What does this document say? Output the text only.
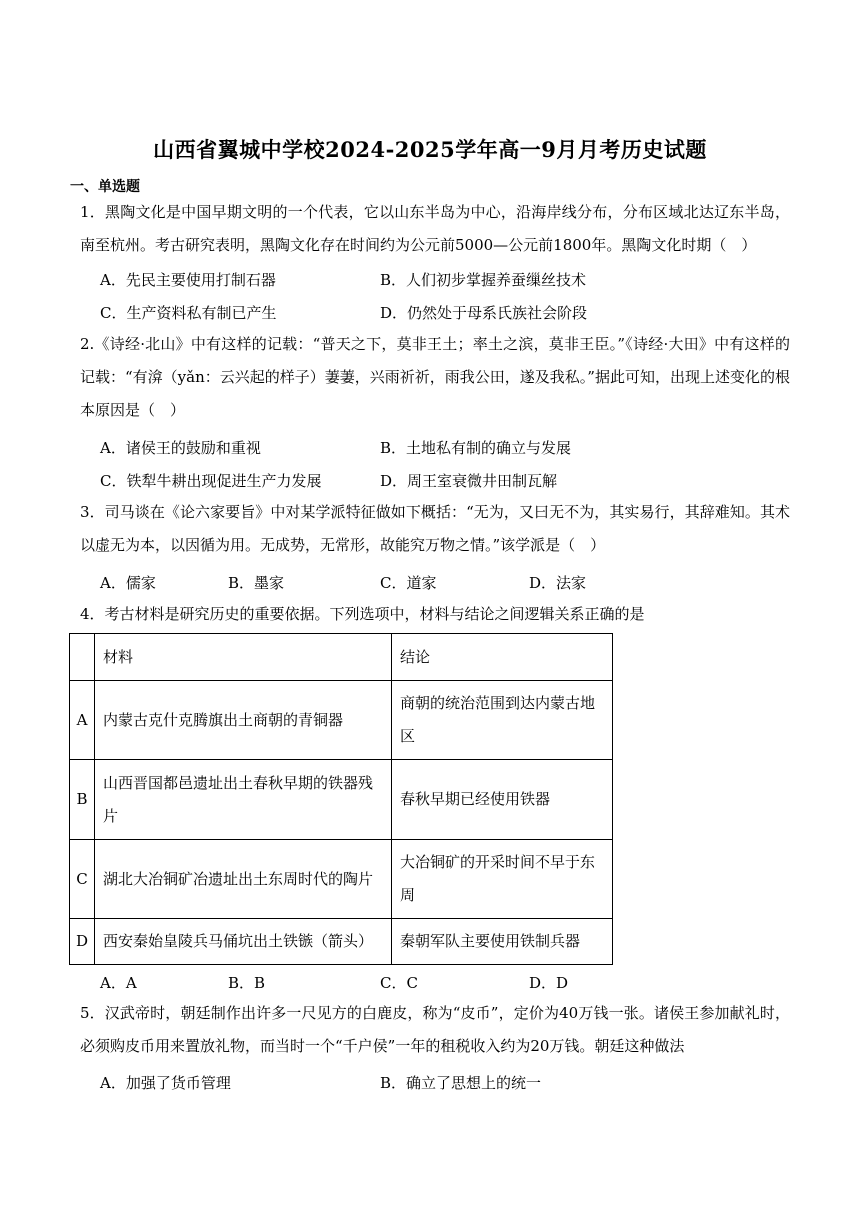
山西省翼城中学校2024-2025学年高一9月月考历史试题
一、单选题

1．黑陶文化是中国早期文明的一个代表，它以山东半岛为中心，沿海岸线分布，分布区域北达辽东半岛，南至杭州。考古研究表明，黑陶文化存在时间约为公元前5000—公元前1800年。黑陶文化时期（　）

A．先民主要使用打制石器	B．人们初步掌握养蚕缫丝技术
C．生产资料私有制已产生	D．仍然处于母系氏族社会阶段

2.《诗经·北山》中有这样的记载：“普天之下，莫非王土；率土之滨，莫非王臣。”《诗经·大田》中有这样的记载：“有渰（yǎn：云兴起的样子）萋萋，兴雨祈祈，雨我公田，遂及我私。”据此可知，出现上述变化的根本原因是（　）

A．诸侯王的鼓励和重视	B．土地私有制的确立与发展
C．铁犁牛耕出现促进生产力发展	D．周王室衰微井田制瓦解

3．司马谈在《论六家要旨》中对某学派特征做如下概括：“无为，又曰无不为，其实易行，其辞难知。其术以虚无为本，以因循为用。无成势，无常形，故能究万物之情。”该学派是（　）

A．儒家	B．墨家	C．道家	D．法家

4．考古材料是研究历史的重要依据。下列选项中，材料与结论之间逻辑关系正确的是

	材料	结论
A	内蒙古克什克腾旗出土商朝的青铜器	商朝的统治范围到达内蒙古地区
B	山西晋国都邑遗址出土春秋早期的铁器残片	春秋早期已经使用铁器
C	湖北大冶铜矿冶遗址出土东周时代的陶片	大冶铜矿的开采时间不早于东周
D	西安秦始皇陵兵马俑坑出土铁镞（箭头）	秦朝军队主要使用铁制兵器
A．A	B．B	C．C	D．D

5．汉武帝时，朝廷制作出许多一尺见方的白鹿皮，称为“皮币”，定价为40万钱一张。诸侯王参加献礼时，必须购皮币用来置放礼物，而当时一个“千户侯”一年的租税收入约为20万钱。朝廷这种做法

A．加强了货币管理	B．确立了思想上的统一
